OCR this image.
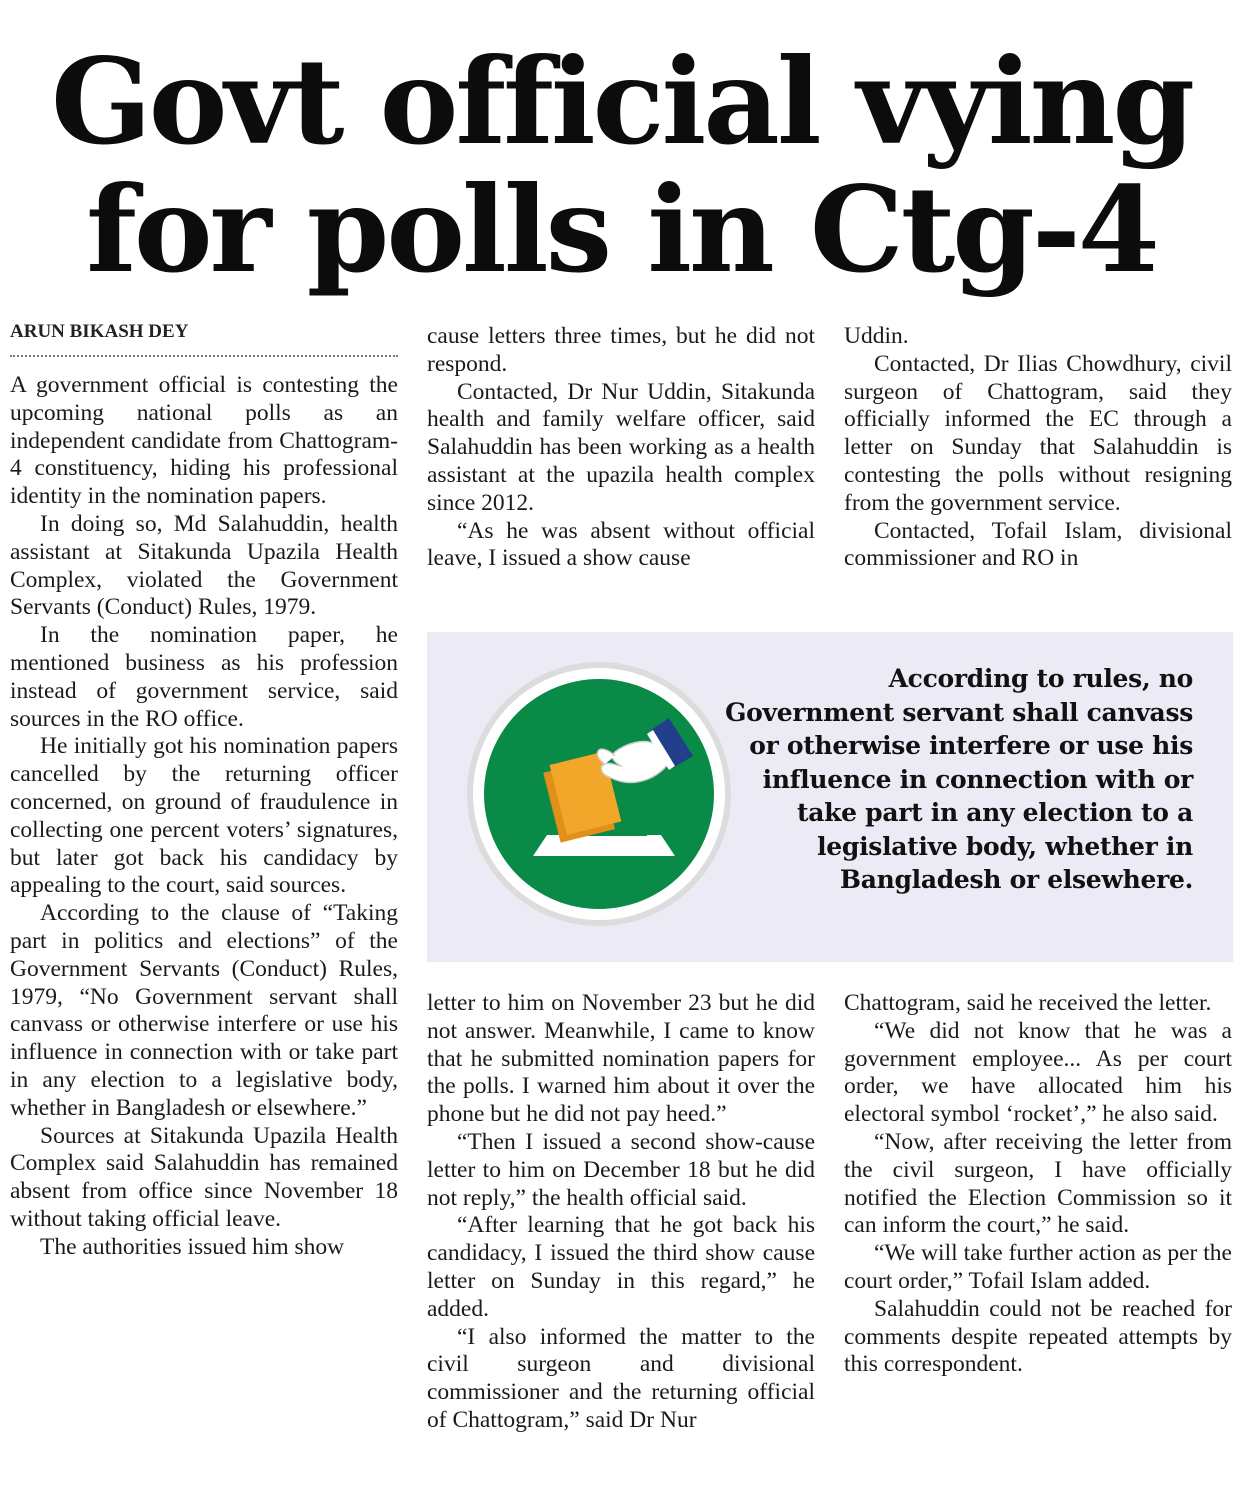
Govt official vying
for polls in Ctg-4
ARUN BIKASH DEY

A government official is contesting the upcoming national polls as an independent candidate from Chattogram-4 constituency, hiding his professional identity in the nomination papers.

In doing so, Md Salahuddin, health assistant at Sitakunda Upazila Health Complex, violated the Government Servants (Conduct) Rules, 1979.

In the nomination paper, he mentioned business as his profession instead of government service, said sources in the RO office.

He initially got his nomination papers cancelled by the returning officer concerned, on ground of fraudulence in collecting one percent voters’ signatures, but later got back his candidacy by appealing to the court, said sources.

According to the clause of “Taking part in politics and elections” of the Government Servants (Conduct) Rules, 1979, “No Government servant shall canvass or otherwise interfere or use his influence in connection with or take part in any election to a legislative body, whether in Bangladesh or elsewhere.”

Sources at Sitakunda Upazila Health Complex said Salahuddin has remained absent from office since November 18 without taking official leave.

The authorities issued him show

cause letters three times, but he did not respond.

Contacted, Dr Nur Uddin, Sitakunda health and family welfare officer, said Salahuddin has been working as a health assistant at the upazila health complex since 2012.

“As he was absent without official leave, I issued a show cause

Uddin.

Contacted, Dr Ilias Chowdhury, civil surgeon of Chattogram, said they officially informed the EC through a letter on Sunday that Salahuddin is contesting the polls without resigning from the government service.

Contacted, Tofail Islam, divisional commissioner and RO in

According to rules, no Government servant shall canvass or otherwise interfere or use his influence in connection with or take part in any election to a legislative body, whether in Bangladesh or elsewhere.

letter to him on November 23 but he did not answer. Meanwhile, I came to know that he submitted nomination papers for the polls. I warned him about it over the phone but he did not pay heed.”

“Then I issued a second show-cause letter to him on December 18 but he did not reply,” the health official said.

“After learning that he got back his candidacy, I issued the third show cause letter on Sunday in this regard,” he added.

“I also informed the matter to the civil surgeon and divisional commissioner and the returning official of Chattogram,” said Dr Nur

Chattogram, said he received the letter.

“We did not know that he was a government employee... As per court order, we have allocated him his electoral symbol ‘rocket’,” he also said.

“Now, after receiving the letter from the civil surgeon, I have officially notified the Election Commission so it can inform the court,” he said.

“We will take further action as per the court order,” Tofail Islam added.

Salahuddin could not be reached for comments despite repeated attempts by this correspondent.
